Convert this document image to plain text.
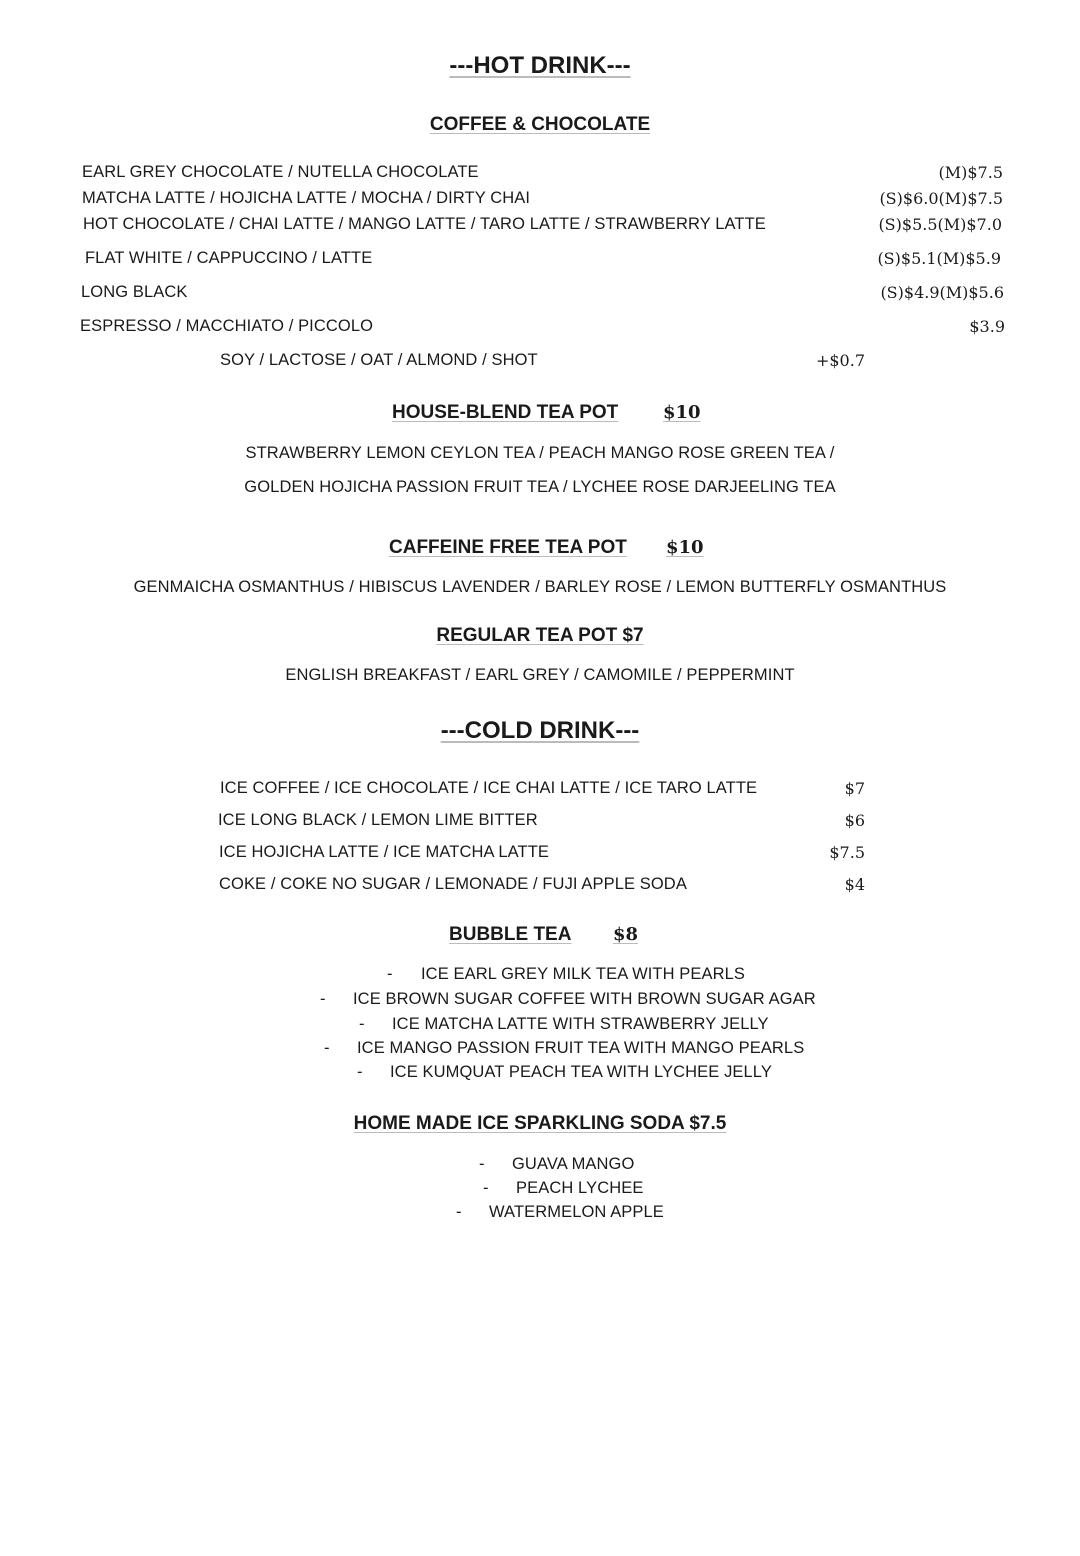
---HOT DRINK---
COFFEE & CHOCOLATE
EARL GREY CHOCOLATE / NUTELLA CHOCOLATE	(M)$7.5
MATCHA LATTE / HOJICHA LATTE / MOCHA / DIRTY CHAI	(S)$6.0(M)$7.5
HOT CHOCOLATE / CHAI LATTE / MANGO LATTE / TARO LATTE / STRAWBERRY LATTE	(S)$5.5(M)$7.0
FLAT WHITE / CAPPUCCINO / LATTE	(S)$5.1(M)$5.9
LONG BLACK	(S)$4.9(M)$5.6
ESPRESSO / MACCHIATO / PICCOLO	$3.9
SOY / LACTOSE / OAT / ALMOND / SHOT	+$0.7
HOUSE-BLEND TEA POT $10
STRAWBERRY LEMON CEYLON TEA / PEACH MANGO ROSE GREEN TEA /
GOLDEN HOJICHA PASSION FRUIT TEA / LYCHEE ROSE DARJEELING TEA
CAFFEINE FREE TEA POT $10
GENMAICHA OSMANTHUS / HIBISCUS LAVENDER / BARLEY ROSE / LEMON BUTTERFLY OSMANTHUS
REGULAR TEA POT $7
ENGLISH BREAKFAST / EARL GREY / CAMOMILE / PEPPERMINT
---COLD DRINK---
ICE COFFEE / ICE CHOCOLATE / ICE CHAI LATTE / ICE TARO LATTE	$7
ICE LONG BLACK / LEMON LIME BITTER	$6
ICE HOJICHA LATTE / ICE MATCHA LATTE	$7.5
COKE / COKE NO SUGAR / LEMONADE / FUJI APPLE SODA	$4
BUBBLE TEA $8
- ICE EARL GREY MILK TEA WITH PEARLS
- ICE BROWN SUGAR COFFEE WITH BROWN SUGAR AGAR
- ICE MATCHA LATTE WITH STRAWBERRY JELLY
- ICE MANGO PASSION FRUIT TEA WITH MANGO PEARLS
- ICE KUMQUAT PEACH TEA WITH LYCHEE JELLY
HOME MADE ICE SPARKLING SODA $7.5
- GUAVA MANGO
- PEACH LYCHEE
- WATERMELON APPLE
